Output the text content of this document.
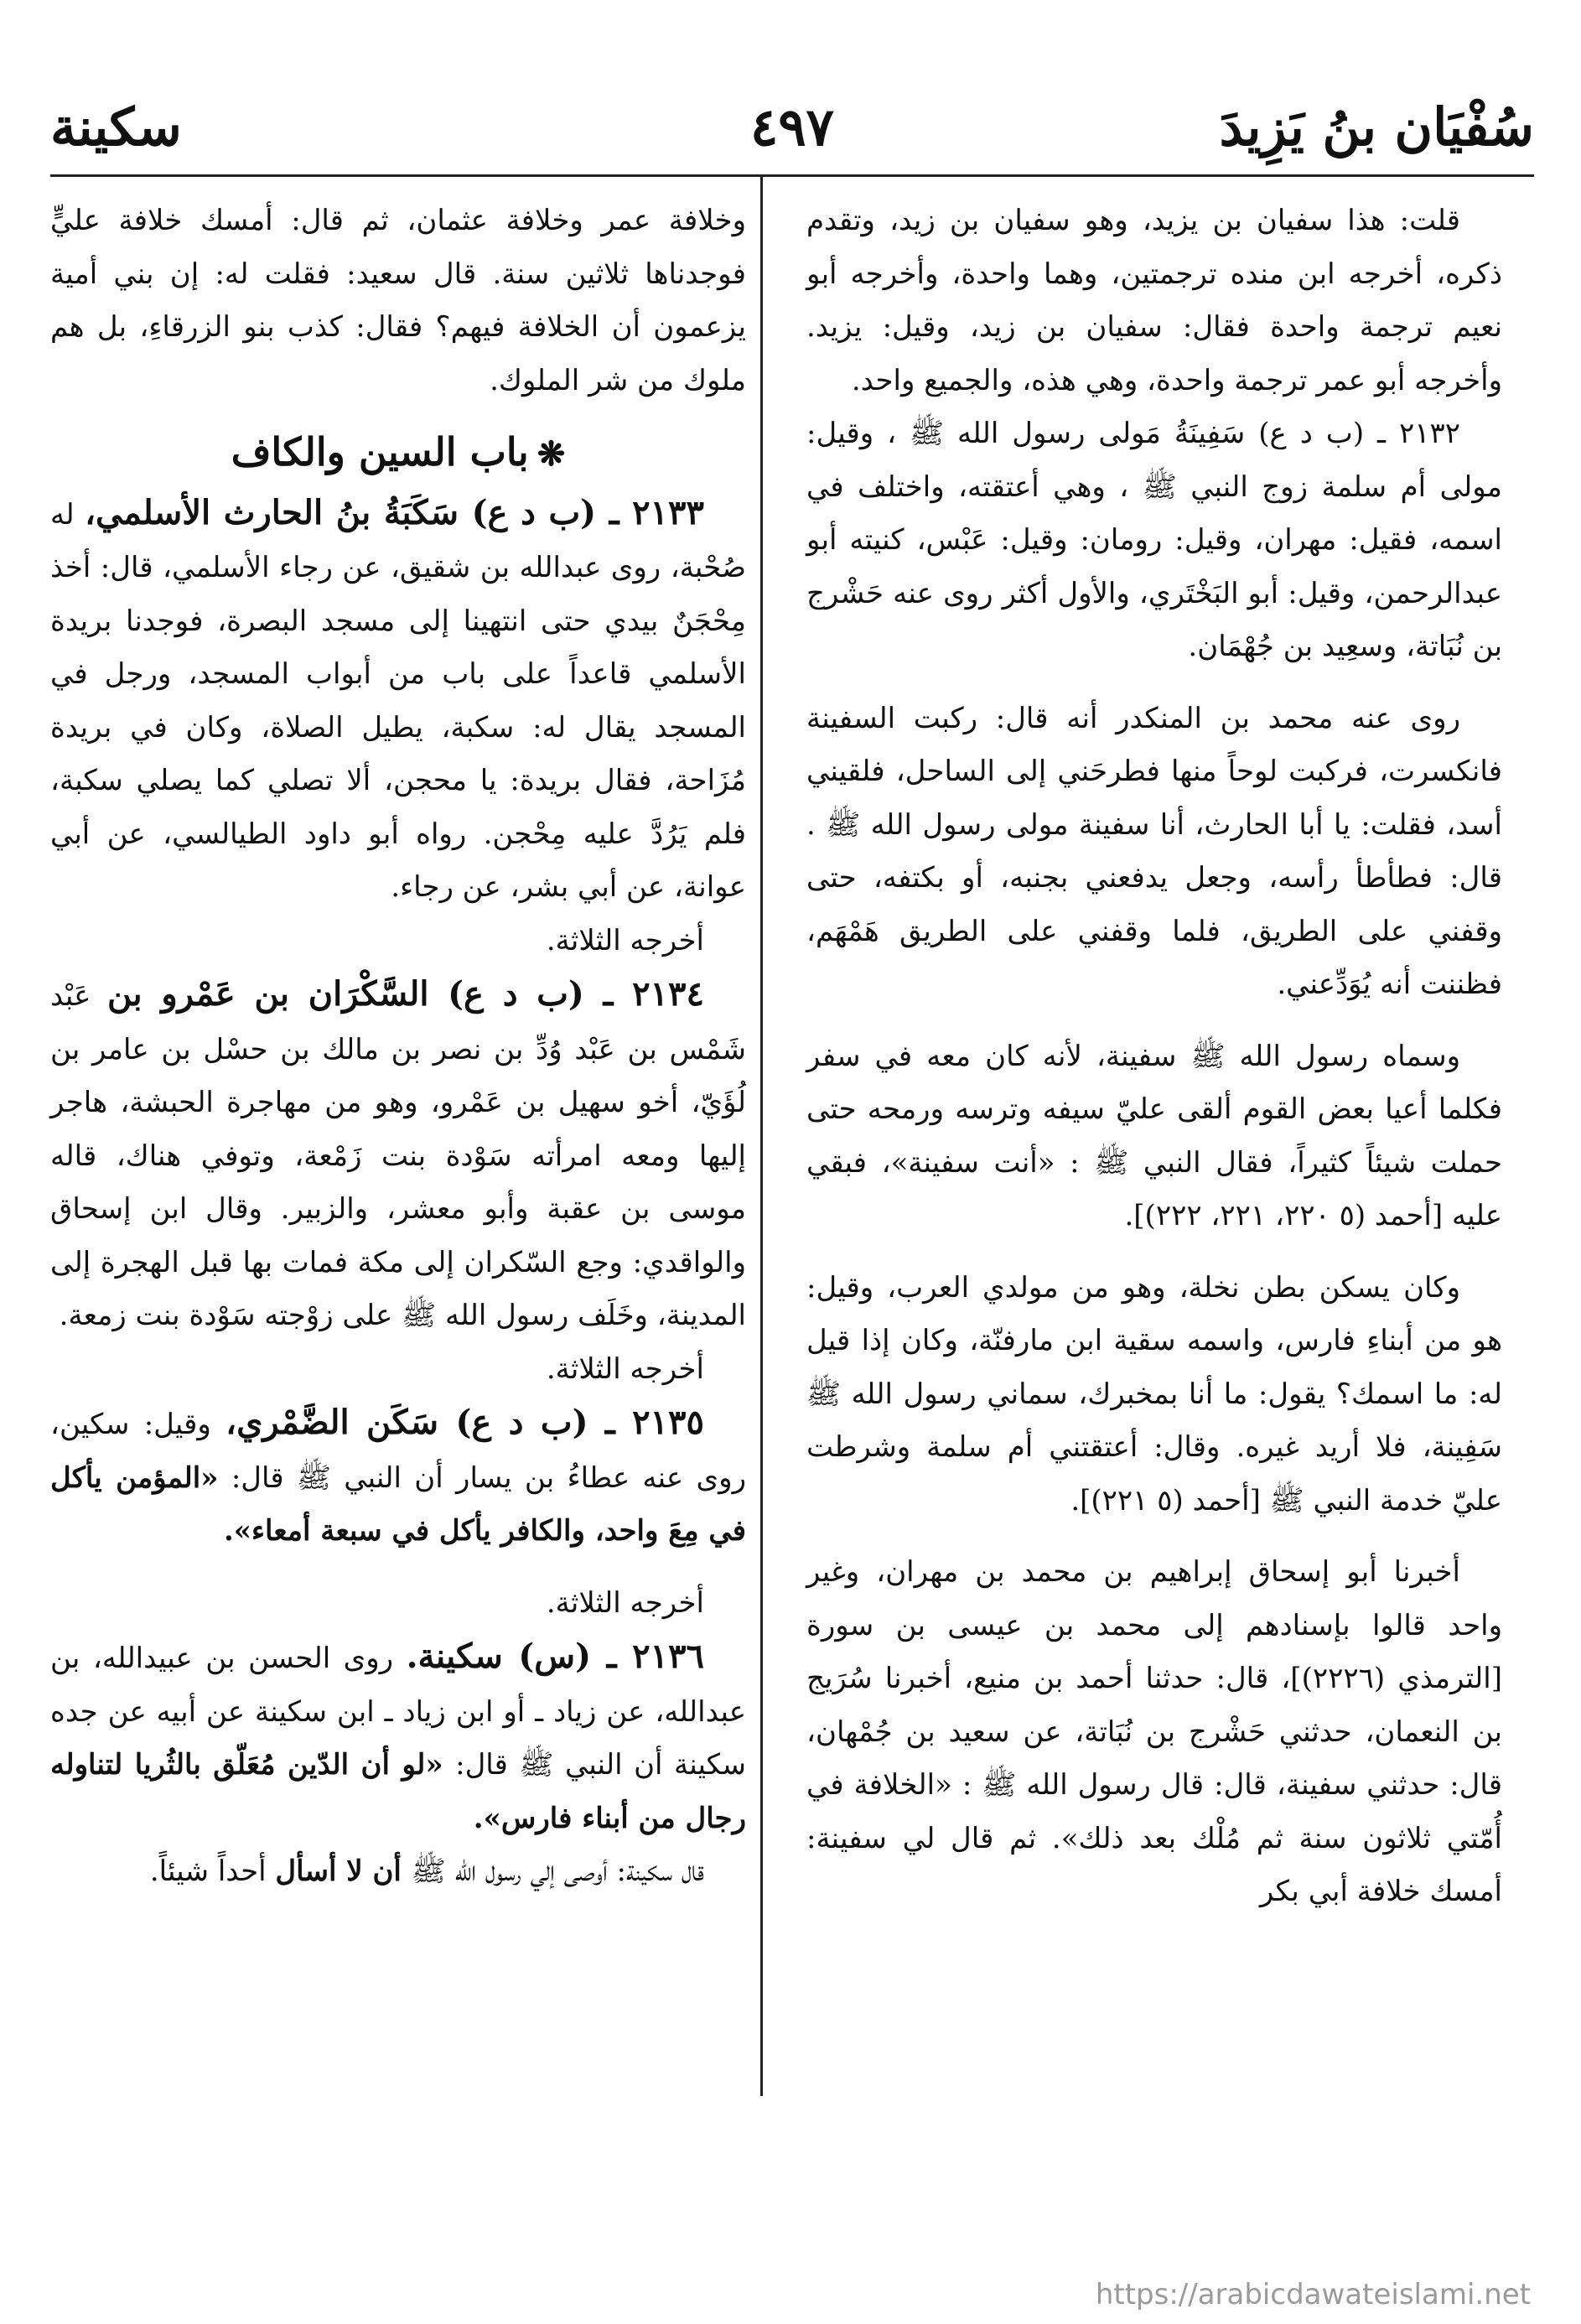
سُفْيَان بنُ يَزِيدَ
٤٩٧
سكينة

قلت: هذا سفيان بن يزيد، وهو سفيان بن زيد، وتقدم ذكره، أخرجه ابن منده ترجمتين، وهما واحدة، وأخرجه أبو نعيم ترجمة واحدة فقال: سفيان بن زيد، وقيل: يزيد. وأخرجه أبو عمر ترجمة واحدة، وهي هذه، والجميع واحد.

٢١٣٢ ـ (ب د ع) سَفِينَةُ مَولى رسول الله ﷺ ، وقيل: مولى أم سلمة زوج النبي ﷺ ، وهي أعتقته، واختلف في اسمه، فقيل: مهران، وقيل: رومان: وقيل: عَبْس، كنيته أبو عبدالرحمن، وقيل: أبو البَخْتَري، والأول أكثر روى عنه حَشْرج بن نُبَاتة، وسعِيد بن جُهْمَان.

روى عنه محمد بن المنكدر أنه قال: ركبت السفينة فانكسرت، فركبت لوحاً منها فطرحَني إلى الساحل، فلقيني أسد، فقلت: يا أبا الحارث، أنا سفينة مولى رسول الله ﷺ . قال: فطأطأ رأسه، وجعل يدفعني بجنبه، أو بكتفه، حتى وقفني على الطريق، فلما وقفني على الطريق هَمْهَم، فظننت أنه يُوَدِّعني.

وسماه رسول الله ﷺ سفينة، لأنه كان معه في سفر فكلما أعيا بعض القوم ألقى عليّ سيفه وترسه ورمحه حتى حملت شيئاً كثيراً، فقال النبي ﷺ : «أنت سفينة»، فبقي عليه [أحمد (٥ ٢٢٠، ٢٢١، ٢٢٢)].

وكان يسكن بطن نخلة، وهو من مولدي العرب، وقيل: هو من أبناءِ فارس، واسمه سقية ابن مارفنّة، وكان إذا قيل له: ما اسمك؟ يقول: ما أنا بمخبرك، سماني رسول الله ﷺ سَفِينة، فلا أريد غيره. وقال: أعتقتني أم سلمة وشرطت عليّ خدمة النبي ﷺ [أحمد (٥ ٢٢١)].

أخبرنا أبو إسحاق إبراهيم بن محمد بن مهران، وغير واحد قالوا بإسنادهم إلى محمد بن عيسى بن سورة [الترمذي (٢٢٢٦)]، قال: حدثنا أحمد بن منيع، أخبرنا سُرَيج بن النعمان، حدثني حَشْرج بن نُبَاتة، عن سعيد بن جُمْهان، قال: حدثني سفينة، قال: قال رسول الله ﷺ : «الخلافة في أُمّتي ثلاثون سنة ثم مُلْك بعد ذلك». ثم قال لي سفينة: أمسك خلافة أبي بكر

وخلافة عمر وخلافة عثمان، ثم قال: أمسك خلافة عليٍّ فوجدناها ثلاثين سنة. قال سعيد: فقلت له: إن بني أمية يزعمون أن الخلافة فيهم؟ فقال: كذب بنو الزرقاءِ، بل هم ملوك من شر الملوك.

❋باب السين والكاف

٢١٣٣ ـ (ب د ع) سَكَبَةُ بنُ الحارث الأسلمي، له صُحْبة، روى عبدالله بن شقيق، عن رجاء الأسلمي، قال: أخذ مِحْجَنٌ بيدي حتى انتهينا إلى مسجد البصرة، فوجدنا بريدة الأسلمي قاعداً على باب من أبواب المسجد، ورجل في المسجد يقال له: سكبة، يطيل الصلاة، وكان في بريدة مُزَاحة، فقال بريدة: يا محجن، ألا تصلي كما يصلي سكبة، فلم يَرُدَّ عليه مِحْجن. رواه أبو داود الطيالسي، عن أبي عوانة، عن أبي بشر، عن رجاء.

أخرجه الثلاثة.

٢١٣٤ ـ (ب د ع) السَّكْرَان بن عَمْرو بن عَبْد شَمْس بن عَبْد وُدِّ بن نصر بن مالك بن حسْل بن عامر بن لُؤَيّ، أخو سهيل بن عَمْرو، وهو من مهاجرة الحبشة، هاجر إليها ومعه امرأته سَوْدة بنت زَمْعة، وتوفي هناك، قاله موسى بن عقبة وأبو معشر، والزبير. وقال ابن إسحاق والواقدي: وجع السّكران إلى مكة فمات بها قبل الهجرة إلى المدينة، وخَلَف رسول الله ﷺ على زوْجته سَوْدة بنت زمعة.

أخرجه الثلاثة.

٢١٣٥ ـ (ب د ع) سَكَن الضَّمْري، وقيل: سكين، روى عنه عطاءُ بن يسار أن النبي ﷺ قال: «المؤمن يأكل في مِعَ واحد، والكافر يأكل في سبعة أمعاء».

أخرجه الثلاثة.

٢١٣٦ ـ (س) سكينة. روى الحسن بن عبيدالله، بن عبدالله، عن زياد ـ أو ابن زياد ـ ابن سكينة عن أبيه عن جده سكينة أن النبي ﷺ قال: «لو أن الدّين مُعَلّق بالثُريا لتناوله رجال من أبناء فارس».

قال سكينة: أوصى إلي رسول الله ﷺ أن لا أسأل أحداً شيئاً.

https://arabicdawateislami.net
